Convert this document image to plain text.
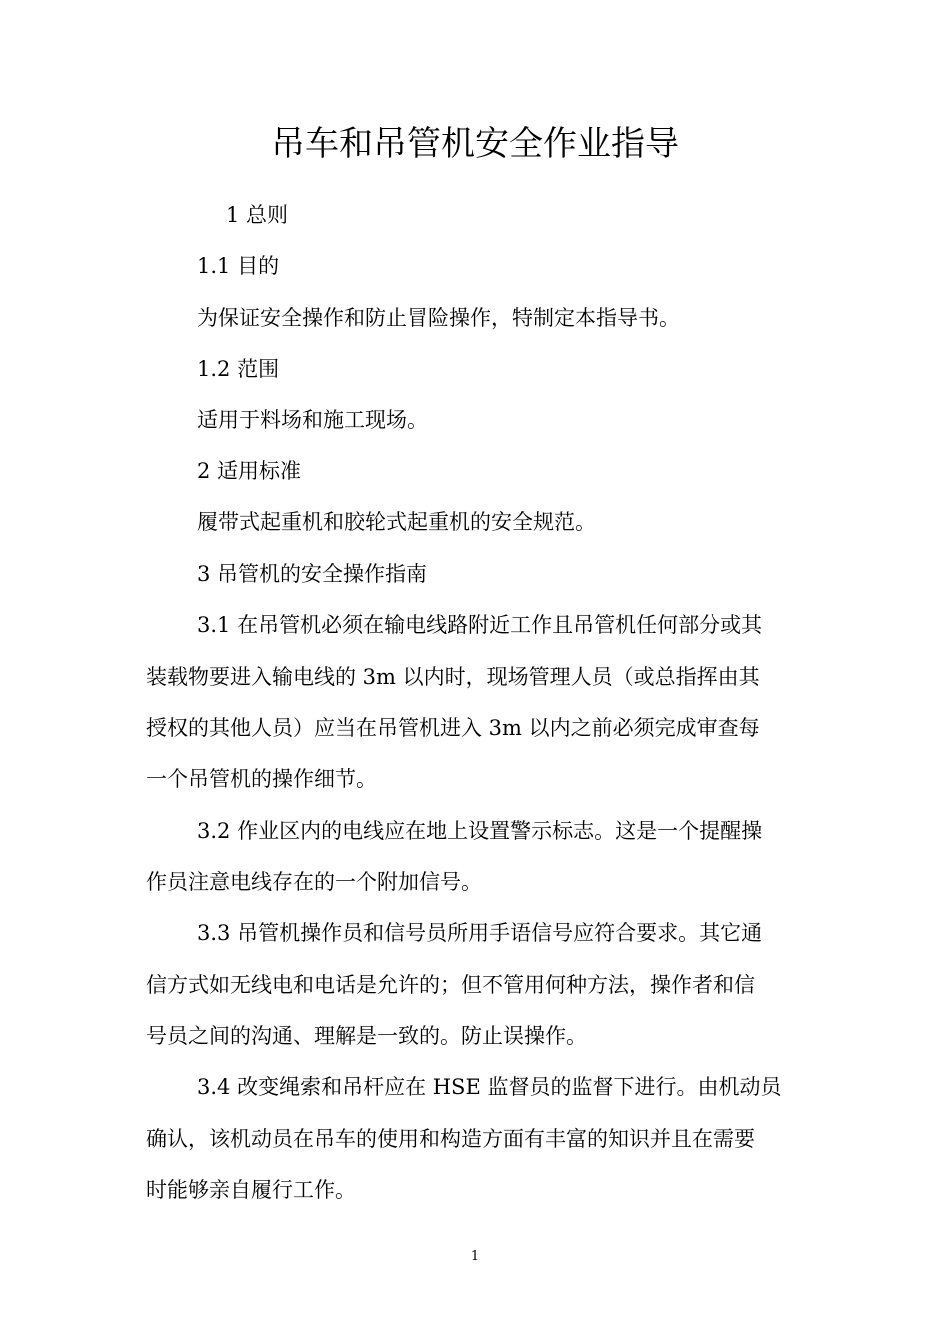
吊车和吊管机安全作业指导
1 总则
1.1 目的
为保证安全操作和防止冒险操作，特制定本指导书。
1.2 范围
适用于料场和施工现场。
2 适用标准
履带式起重机和胶轮式起重机的安全规范。
3 吊管机的安全操作指南
3.1 在吊管机必须在输电线路附近工作且吊管机任何部分或其
装载物要进入输电线的 3m 以内时，现场管理人员（或总指挥由其
授权的其他人员）应当在吊管机进入 3m 以内之前必须完成审查每
一个吊管机的操作细节。
3.2 作业区内的电线应在地上设置警示标志。这是一个提醒操
作员注意电线存在的一个附加信号。
3.3 吊管机操作员和信号员所用手语信号应符合要求。其它通
信方式如无线电和电话是允许的；但不管用何种方法，操作者和信
号员之间的沟通、理解是一致的。防止误操作。
3.4 改变绳索和吊杆应在 HSE 监督员的监督下进行。由机动员
确认，该机动员在吊车的使用和构造方面有丰富的知识并且在需要
时能够亲自履行工作。
1
